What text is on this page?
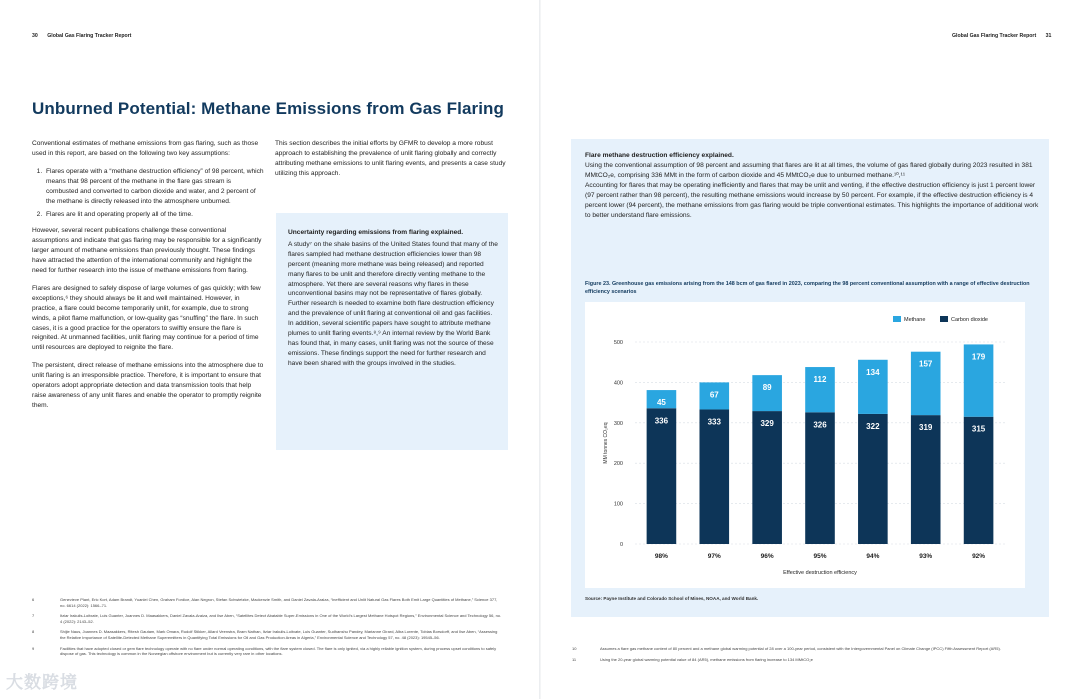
30 Global Gas Flaring Tracker Report	Global Gas Flaring Tracker Report 31
Unburned Potential: Methane Emissions from Gas Flaring

Conventional estimates of methane emissions from gas flaring, such as those used in this report, are based on the following two key assumptions:

1. Flares operate with a “methane destruction efficiency” of 98 percent, which means that 98 percent of the methane in the flare gas stream is combusted and converted to carbon dioxide and water, and 2 percent of the methane is directly released into the atmosphere unburned.
2. Flares are lit and operating properly all of the time.

However, several recent publications challenge these conventional assumptions and indicate that gas flaring may be responsible for a significantly larger amount of methane emissions than previously thought. These findings have attracted the attention of the international community and highlight the need for further research into the issue of methane emissions from flaring.

Flares are designed to safely dispose of large volumes of gas quickly; with few exceptions,⁶ they should always be lit and well maintained. However, in practice, a flare could become temporarily unlit, for example, due to strong winds, a pilot flame malfunction, or low-quality gas “snuffing” the flare. In such cases, it is a good practice for the operators to swiftly ensure the flare is reignited. At unmanned facilities, unlit flaring may continue for a period of time until resources are deployed to reignite the flare.

The persistent, direct release of methane emissions into the atmosphere due to unlit flaring is an irresponsible practice. Therefore, it is important to ensure that operators adopt appropriate detection and data transmission tools that help raise awareness of any unlit flares and enable the operator to promptly reignite them.

This section describes the initial efforts by GFMR to develop a more robust approach to establishing the prevalence of unlit flaring globally and correctly attributing methane emissions to unlit flaring events, and presents a case study utilizing this approach.

Uncertainty regarding emissions from flaring explained.

A study⁷ on the shale basins of the United States found that many of the flares sampled had methane destruction efficiencies lower than 98 percent (meaning more methane was being released) and reported many flares to be unlit and therefore directly venting methane to the atmosphere. Yet there are several reasons why flares in these unconventional basins may not be representative of flares globally. Further research is needed to examine both flare destruction efficiency and the prevalence of unlit flaring at conventional oil and gas facilities.

In addition, several scientific papers have sought to attribute methane plumes to unlit flaring events.⁸,⁹ An internal review by the World Bank has found that, in many cases, unlit flaring was not the source of these emissions. These findings support the need for further research and have been shared with the groups involved in the studies.

Flare methane destruction efficiency explained.

Using the conventional assumption of 98 percent and assuming that flares are lit at all times, the volume of gas flared globally during 2023 resulted in 381 MMtCO₂e, comprising 336 MMt in the form of carbon dioxide and 45 MMtCO₂e due to unburned methane.¹⁰,¹¹

Accounting for flares that may be operating inefficiently and flares that may be unlit and venting, if the effective destruction efficiency is just 1 percent lower (97 percent rather than 98 percent), the resulting methane emissions would increase by 50 percent. For example, if the effective destruction efficiency is 4 percent lower (94 percent), the methane emissions from gas flaring would be triple conventional estimates. This highlights the importance of additional work to better understand flare emissions.

Figure 23. Greenhouse gas emissions arising from the 148 bcm of gas flared in 2023, comparing the 98 percent conventional assumption with a range of effective destruction efficiency scenarios
0
100
200
300
400
500
MM tonnes CO₂eq
336
45
98%
333
67
97%
329
89
96%
326
112
95%
322
134
94%
319
157
93%
315
179
92%
Effective destruction efficiency
Methane	Carbon dioxide
Source: Payne Institute and Colorado School of Mines, NOAA, and World Bank.
6	Genevieve Plant, Eric Kort, Adam Brandt, Yuanlei Chen, Graham Fordice, Alan Negron, Stefan Schwietzke, Mackenzie Smith, and Daniel Zavala-Araiza, “Inefficient and Unlit Natural Gas Flares Both Emit Large Quantities of Methane,” Science 377, no. 6614 (2022): 1566–71.
7	Itziar Irakulis-Loitxate, Luis Guanter, Joannes D. Maasakkers, Daniel Zavala-Araiza, and Ilse Aben, “Satellites Detect Abatable Super-Emissions in One of the World’s Largest Methane Hotspot Regions,” Environmental Science and Technology 56, no. 4 (2022): 2143–52.
8	Shijie Naus, Joannes D. Maasakkers, Ritesh Gautam, Mark Omara, Rudolf Stikker, Allard Veenstra, Bram Nathan, Itziar Irakulis-Loitxate, Luis Guanter, Sudhanshu Pandey, Marianne Girard, Alba Lorente, Tobias Borsdorff, and Ilse Aben, “Assessing the Relative Importance of Satellite-Detected Methane Superemitters in Quantifying Total Emissions for Oil and Gas Production Areas in Algeria,” Environmental Science and Technology 57, no. 48 (2023): 19545–56.
9	Facilities that have adopted closed or gem flare technology operate with no flare under normal operating conditions, with the flare system closed. The flare is only ignited, via a highly reliable ignition system, during process upset conditions to safely dispose of gas. This technology is common in the Norwegian offshore environment but is currently very rare in other locations.
10	Assumes a flare gas methane content of 80 percent and a methane global warming potential of 28 over a 100-year period, consistent with the Intergovernmental Panel on Climate Change (IPCC) Fifth Assessment Report (AR5).
11	Using the 20-year global warming potential value of 84 (AR5), methane emissions from flaring increase to 134 MMtCO₂e
大数跨境
